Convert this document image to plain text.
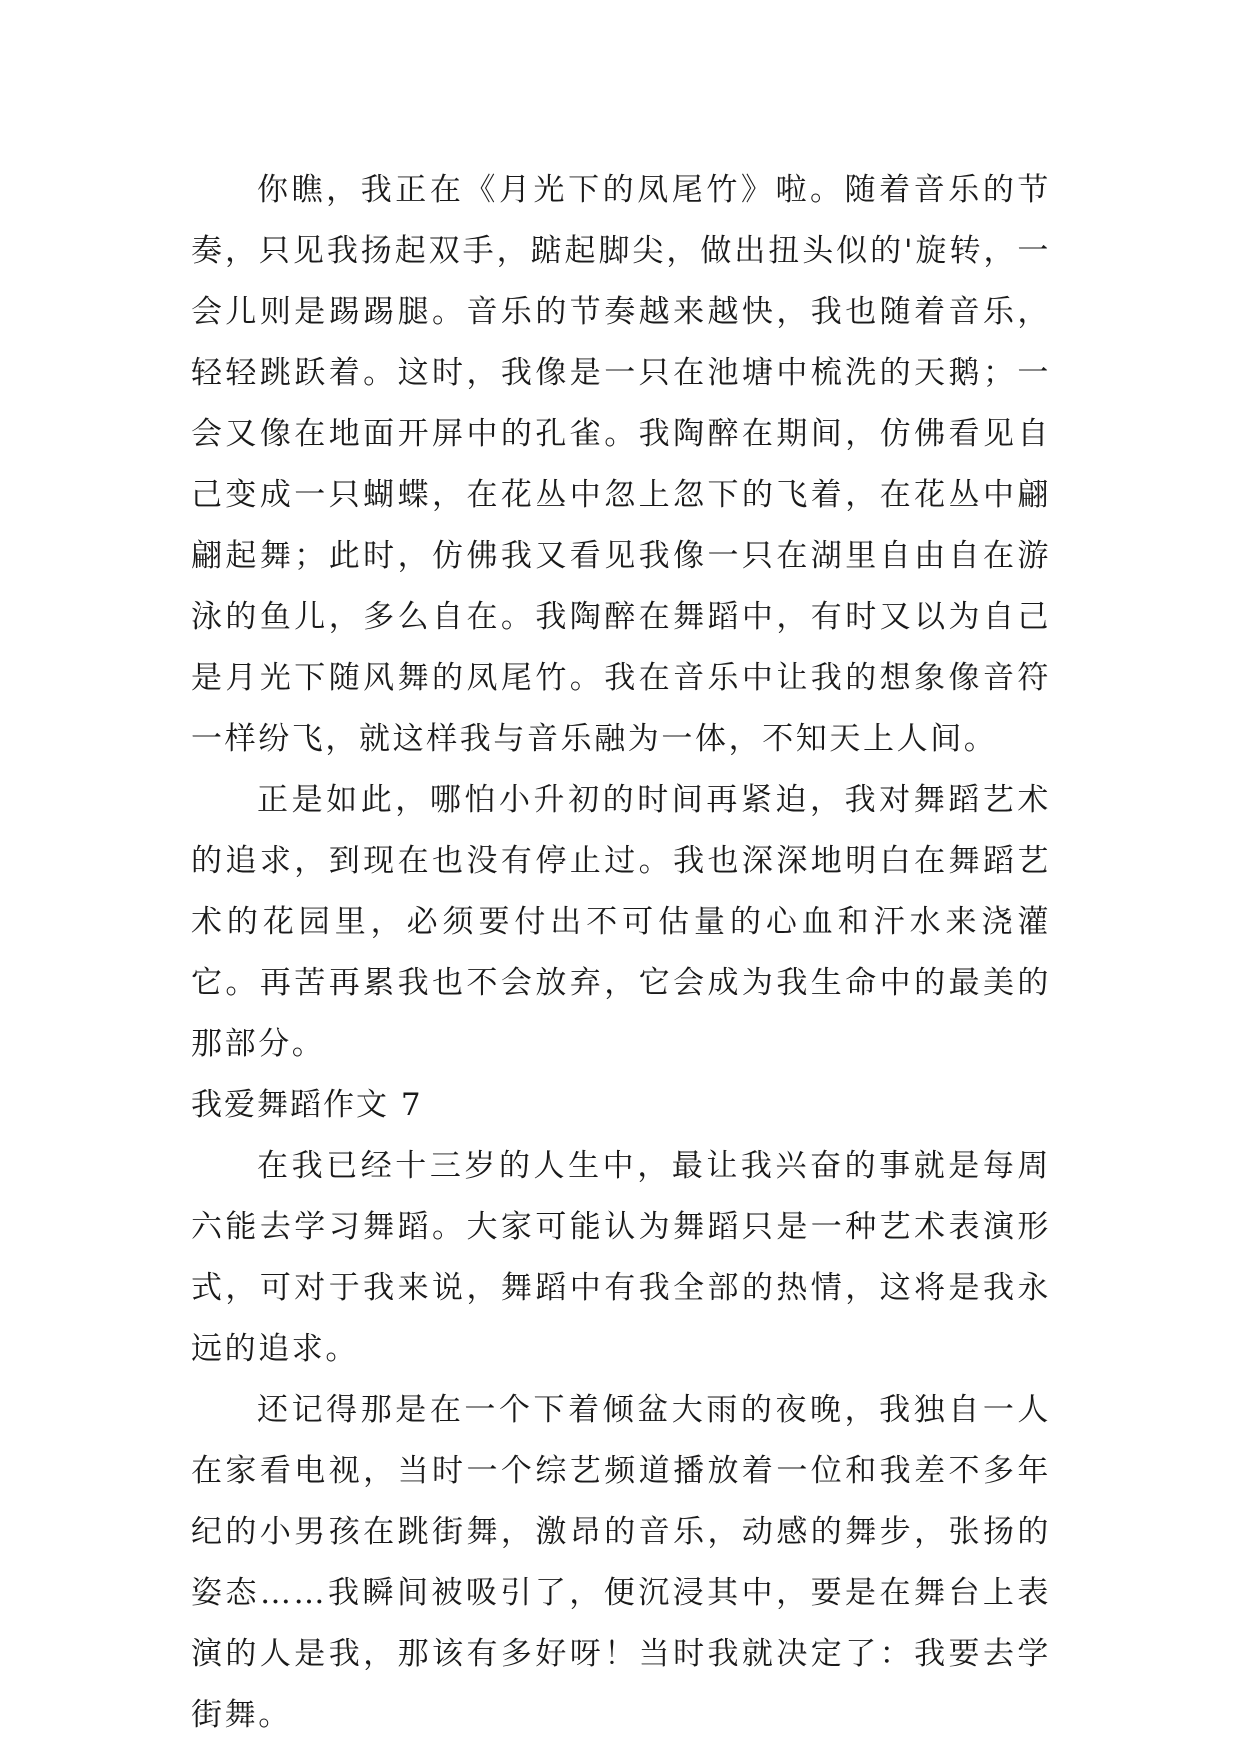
你瞧，我正在《月光下的凤尾竹》啦。随着音乐的节奏，只见我扬起双手，踮起脚尖，做出扭头似的'旋转，一会儿则是踢踢腿。音乐的节奏越来越快，我也随着音乐，轻轻跳跃着。这时，我像是一只在池塘中梳洗的天鹅；一会又像在地面开屏中的孔雀。我陶醉在期间，仿佛看见自己变成一只蝴蝶，在花丛中忽上忽下的飞着，在花丛中翩翩起舞；此时，仿佛我又看见我像一只在湖里自由自在游泳的鱼儿，多么自在。我陶醉在舞蹈中，有时又以为自己是月光下随风舞的凤尾竹。我在音乐中让我的想象像音符一样纷飞，就这样我与音乐融为一体，不知天上人间。

正是如此，哪怕小升初的时间再紧迫，我对舞蹈艺术的追求，到现在也没有停止过。我也深深地明白在舞蹈艺术的花园里，必须要付出不可估量的心血和汗水来浇灌它。再苦再累我也不会放弃，它会成为我生命中的最美的那部分。

我爱舞蹈作文 7

在我已经十三岁的人生中，最让我兴奋的事就是每周六能去学习舞蹈。大家可能认为舞蹈只是一种艺术表演形式，可对于我来说，舞蹈中有我全部的热情，这将是我永远的追求。

还记得那是在一个下着倾盆大雨的夜晚，我独自一人在家看电视，当时一个综艺频道播放着一位和我差不多年纪的小男孩在跳街舞，激昂的音乐，动感的舞步，张扬的姿态……我瞬间被吸引了，便沉浸其中，要是在舞台上表演的人是我，那该有多好呀！当时我就决定了：我要去学街舞。
